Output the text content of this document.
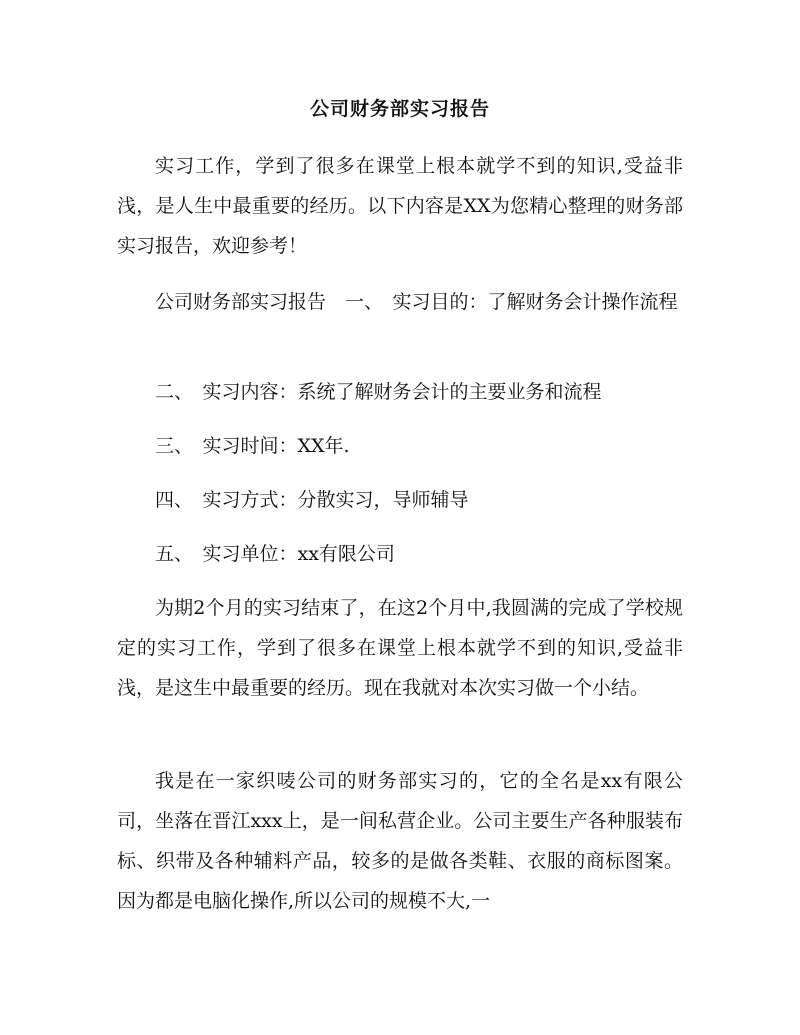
公司财务部实习报告

实习工作，学到了很多在课堂上根本就学不到的知识,受益非浅，是人生中最重要的经历。以下内容是XX为您精心整理的财务部实习报告，欢迎参考！

公司财务部实习报告　一、　实习目的：了解财务会计操作流程

二、　实习内容：系统了解财务会计的主要业务和流程

三、　实习时间：XX年.

四、　实习方式：分散实习，导师辅导

五、　实习单位：xx有限公司

为期2个月的实习结束了，在这2个月中,我圆满的完成了学校规定的实习工作，学到了很多在课堂上根本就学不到的知识,受益非浅，是这生中最重要的经历。现在我就对本次实习做一个小结。

我是在一家织唛公司的财务部实习的，它的全名是xx有限公司，坐落在晋江xxx上，是一间私营企业。公司主要生产各种服装布标、织带及各种辅料产品，较多的是做各类鞋、衣服的商标图案。因为都是电脑化操作,所以公司的规模不大,一
